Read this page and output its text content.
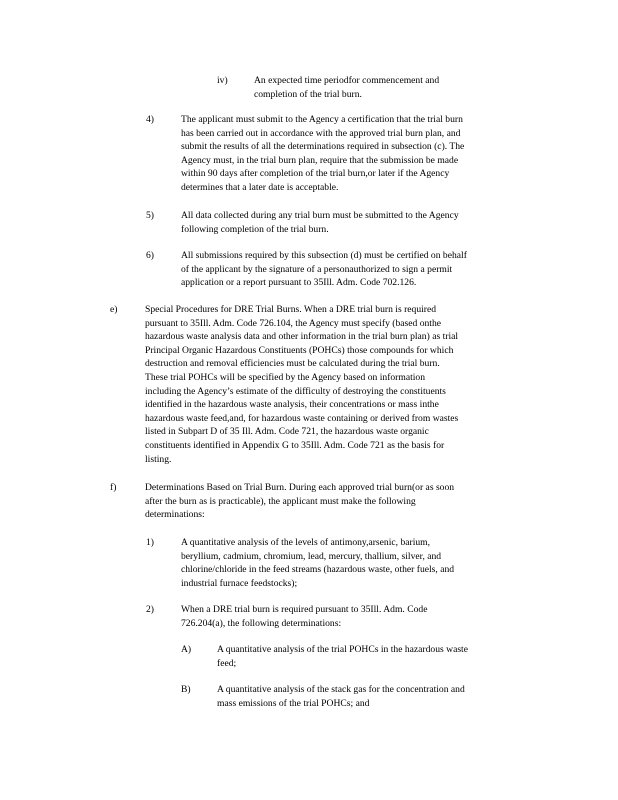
iv)	An expected time periodfor commencement and
completion of the trial burn.
4)	The applicant must submit to the Agency a certification that the trial burn
has been carried out in accordance with the approved trial burn plan, and
submit the results of all the determinations required in subsection (c). The
Agency must, in the trial burn plan, require that the submission be made
within 90 days after completion of the trial burn,or later if the Agency
determines that a later date is acceptable.
5)	All data collected during any trial burn must be submitted to the Agency
following completion of the trial burn.
6)	All submissions required by this subsection (d) must be certified on behalf
of the applicant by the signature of a personauthorized to sign a permit
application or a report pursuant to 35Ill. Adm. Code 702.126.
e)	Special Procedures for DRE Trial Burns. When a DRE trial burn is required
pursuant to 35Ill. Adm. Code 726.104, the Agency must specify (based onthe
hazardous waste analysis data and other information in the trial burn plan) as trial
Principal Organic Hazardous Constituents (POHCs) those compounds for which
destruction and removal efficiencies must be calculated during the trial burn.
These trial POHCs will be specified by the Agency based on information
including the Agency’s estimate of the difficulty of destroying the constituents
identified in the hazardous waste analysis, their concentrations or mass inthe
hazardous waste feed,and, for hazardous waste containing or derived from wastes
listed in Subpart D of 35 Ill. Adm. Code 721, the hazardous waste organic
constituents identified in Appendix G to 35Ill. Adm. Code 721 as the basis for
listing.
f)	Determinations Based on Trial Burn. During each approved trial burn(or as soon
after the burn as is practicable), the applicant must make the following
determinations:
1)	A quantitative analysis of the levels of antimony,arsenic, barium,
beryllium, cadmium, chromium, lead, mercury, thallium, silver, and
chlorine/chloride in the feed streams (hazardous waste, other fuels, and
industrial furnace feedstocks);
2)	When a DRE trial burn is required pursuant to 35Ill. Adm. Code
726.204(a), the following determinations:
A)	A quantitative analysis of the trial POHCs in the hazardous waste
feed;
B)	A quantitative analysis of the stack gas for the concentration and
mass emissions of the trial POHCs; and
